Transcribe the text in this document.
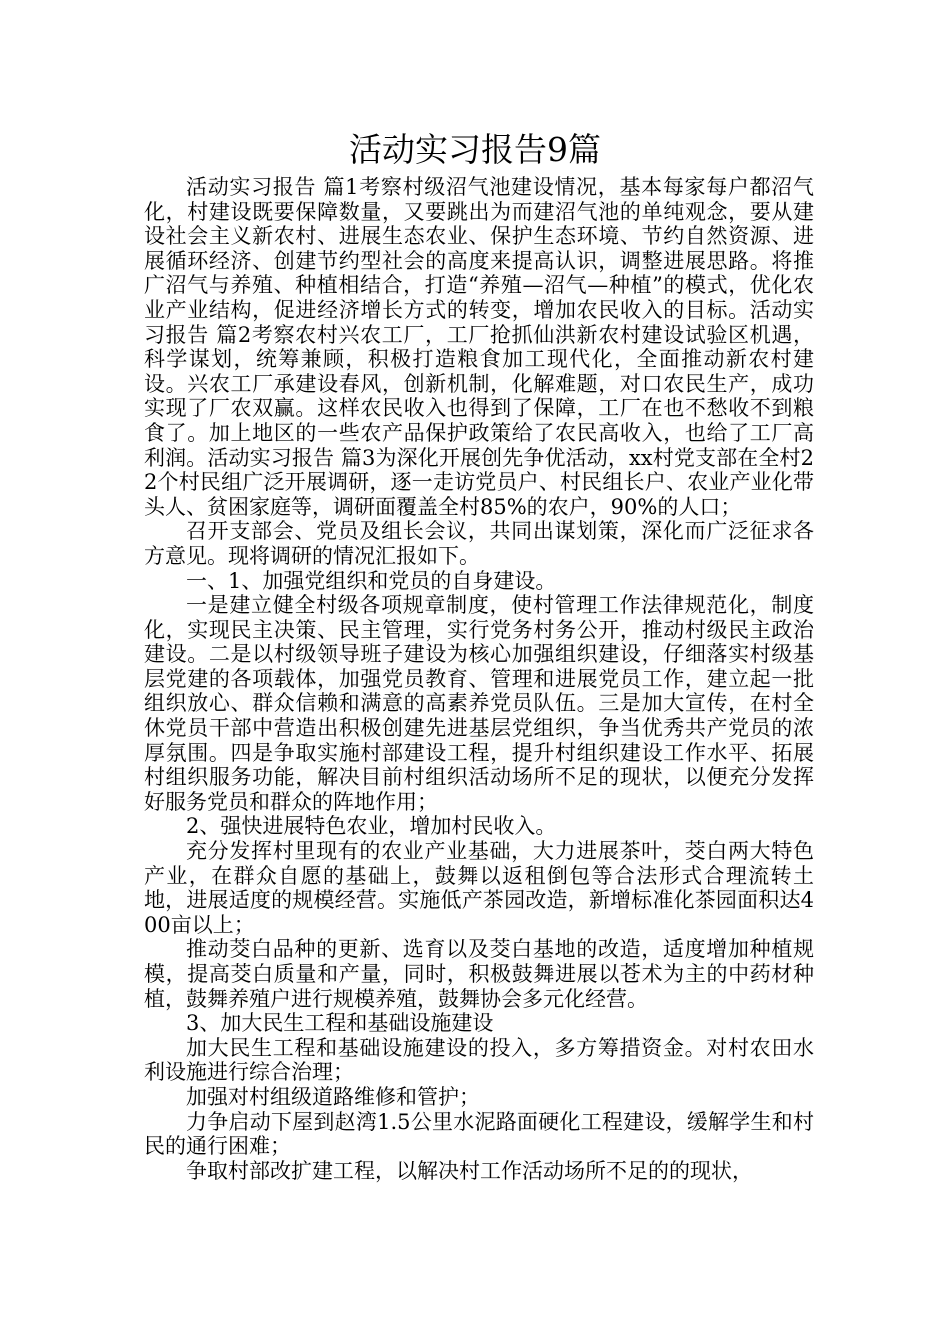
活动实习报告9篇

活动实习报告 篇1考察村级沼气池建设情况，基本每家每户都沼气化，村建设既要保障数量，又要跳出为而建沼气池的单纯观念，要从建设社会主义新农村、进展生态农业、保护生态环境、节约自然资源、进展循环经济、创建节约型社会的高度来提高认识，调整进展思路。将推广沼气与养殖、种植相结合，打造“养殖—沼气—种植”的模式，优化农业产业结构，促进经济增长方式的转变，增加农民收入的目标。活动实习报告 篇2考察农村兴农工厂，工厂抢抓仙洪新农村建设试验区机遇，科学谋划，统筹兼顾，积极打造粮食加工现代化，全面推动新农村建设。兴农工厂承建设春风，创新机制，化解难题，对口农民生产，成功实现了厂农双赢。这样农民收入也得到了保障，工厂在也不愁收不到粮食了。加上地区的一些农产品保护政策给了农民高收入，也给了工厂高利润。活动实习报告 篇3为深化开展创先争优活动，xx村党支部在全村22个村民组广泛开展调研，逐一走访党员户、村民组长户、农业产业化带头人、贫困家庭等，调研面覆盖全村85%的农户，90%的人口；

召开支部会、党员及组长会议，共同出谋划策，深化而广泛征求各方意见。现将调研的情况汇报如下。

一、1、加强党组织和党员的自身建设。

一是建立健全村级各项规章制度，使村管理工作法律规范化，制度化，实现民主决策、民主管理，实行党务村务公开，推动村级民主政治建设。二是以村级领导班子建设为核心加强组织建设，仔细落实村级基层党建的各项载体，加强党员教育、管理和进展党员工作，建立起一批组织放心、群众信赖和满意的高素养党员队伍。三是加大宣传，在村全休党员干部中营造出积极创建先进基层党组织，争当优秀共产党员的浓厚氛围。四是争取实施村部建设工程，提升村组织建设工作水平、拓展村组织服务功能，解决目前村组织活动场所不足的现状，以便充分发挥好服务党员和群众的阵地作用；

2、强快进展特色农业，增加村民收入。

充分发挥村里现有的农业产业基础，大力进展茶叶，茭白两大特色产业，在群众自愿的基础上，鼓舞以返租倒包等合法形式合理流转土地，进展适度的规模经营。实施低产茶园改造，新增标准化茶园面积达400亩以上；

推动茭白品种的更新、选育以及茭白基地的改造，适度增加种植规模，提高茭白质量和产量，同时，积极鼓舞进展以苍术为主的中药材种植，鼓舞养殖户进行规模养殖，鼓舞协会多元化经营。

3、加大民生工程和基础设施建设

加大民生工程和基础设施建设的投入，多方筹措资金。对村农田水利设施进行综合治理；

加强对村组级道路维修和管护；

力争启动下屋到赵湾1.5公里水泥路面硬化工程建设，缓解学生和村民的通行困难；

争取村部改扩建工程，以解决村工作活动场所不足的的现状，
